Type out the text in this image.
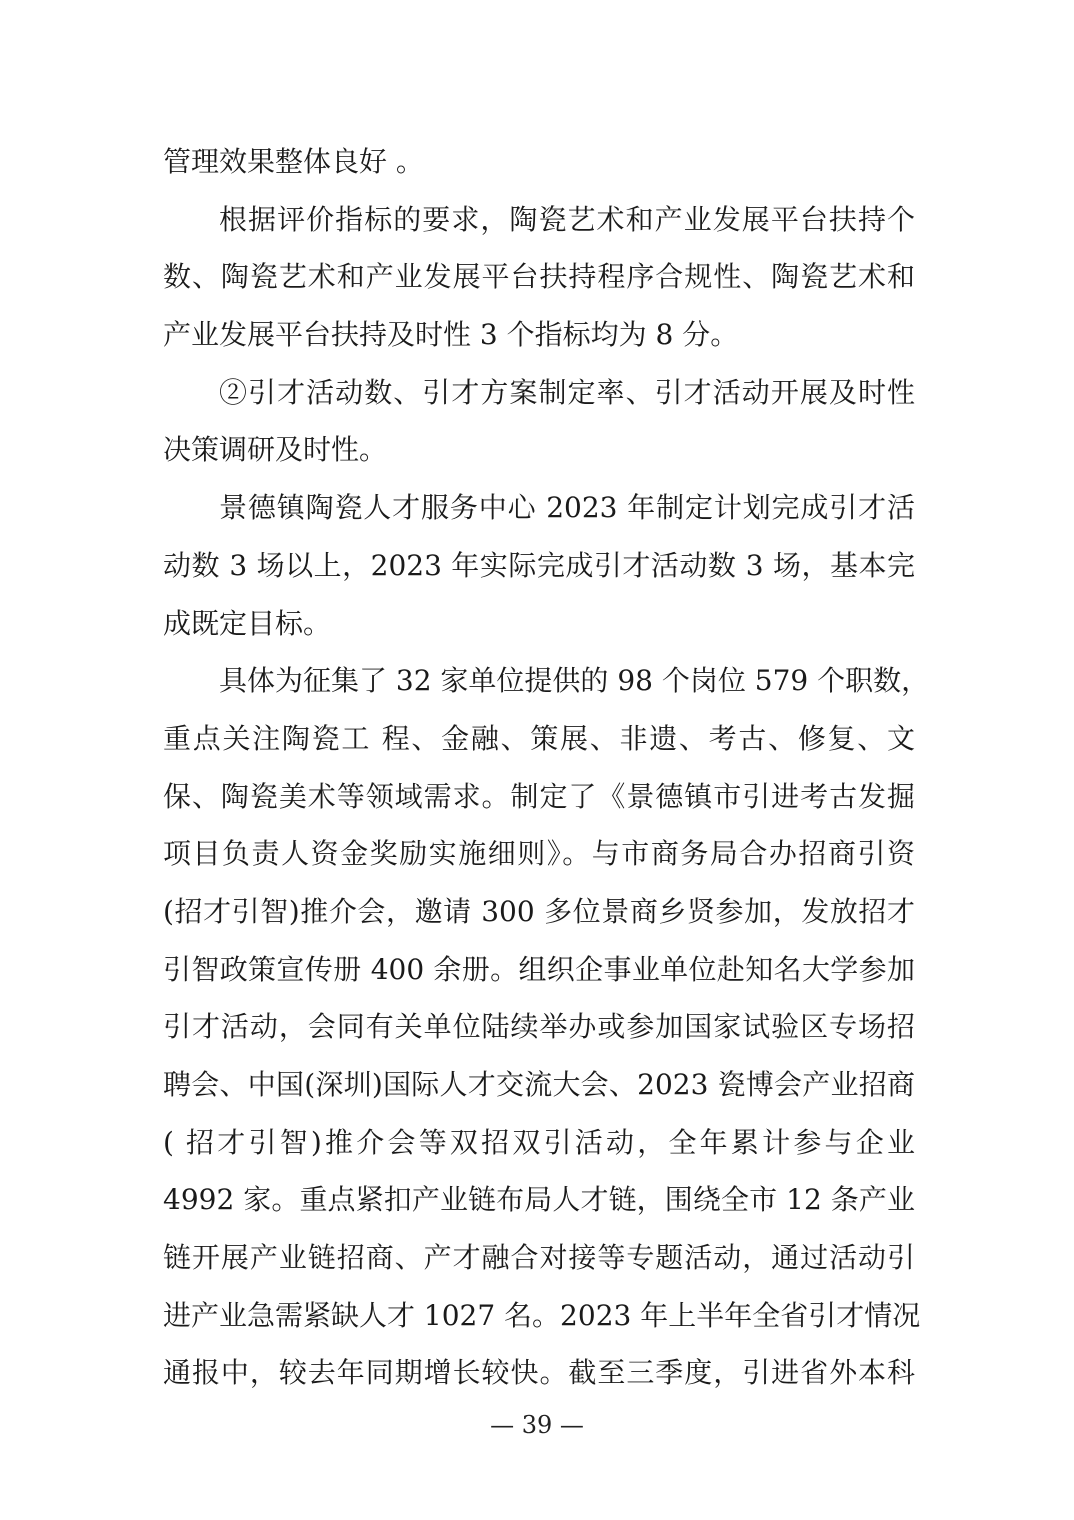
管理效果整体良好 。
根据评价指标的要求，陶瓷艺术和产业发展平台扶持个
数、陶瓷艺术和产业发展平台扶持程序合规性、陶瓷艺术和
产业发展平台扶持及时性 3 个指标均为 8 分。
②引才活动数、引才方案制定率、引才活动开展及时性
决策调研及时性。
景德镇陶瓷人才服务中心 2023 年制定计划完成引才活
动数 3 场以上，2023 年实际完成引才活动数 3 场，基本完
成既定目标。
具体为征集了 32 家单位提供的 98 个岗位 579 个职数，
重点关注陶瓷工 程、金融、策展、非遗、考古、修复、文
保、陶瓷美术等领域需求。制定了《景德镇市引进考古发掘
项目负责人资金奖励实施细则》。与市商务局合办招商引资
(招才引智)推介会，邀请 300 多位景商乡贤参加，发放招才
引智政策宣传册 400 余册。组织企事业单位赴知名大学参加
引才活动，会同有关单位陆续举办或参加国家试验区专场招
聘会、中国(深圳)国际人才交流大会、2023 瓷博会产业招商
( 招才引智)推介会等双招双引活动，全年累计参与企业
4992 家。重点紧扣产业链布局人才链，围绕全市 12 条产业
链开展产业链招商、产才融合对接等专题活动，通过活动引
进产业急需紧缺人才 1027 名。2023 年上半年全省引才情况
通报中，较去年同期增长较快。截至三季度，引进省外本科
— 39 —
